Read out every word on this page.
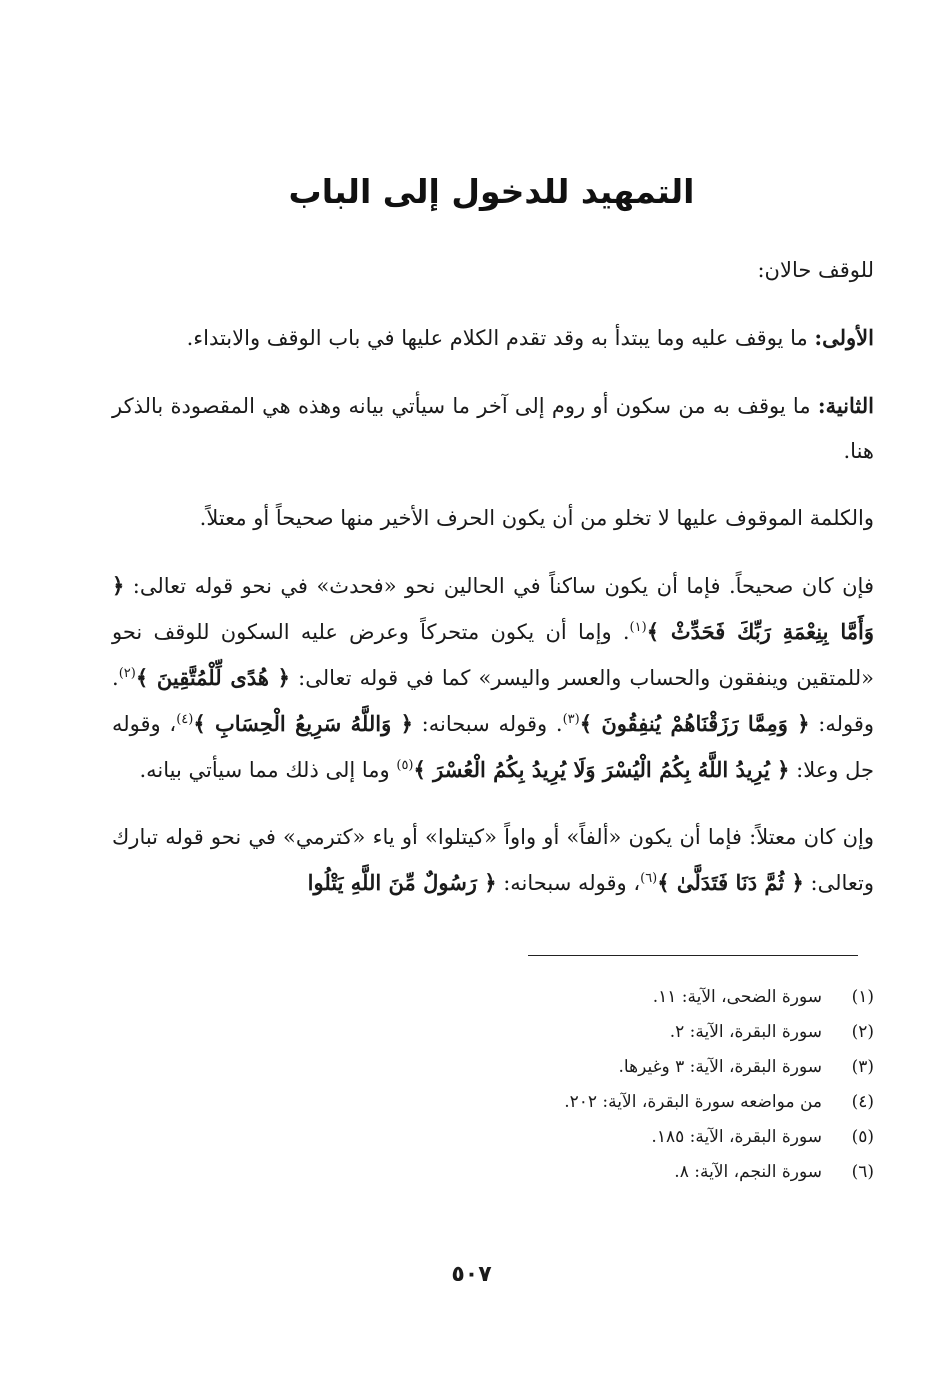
التمهيد للدخول إلى الباب

للوقف حالان:

الأولى: ما يوقف عليه وما يبتدأ به وقد تقدم الكلام عليها في باب الوقف والابتداء.

الثانية: ما يوقف به من سكون أو روم إلى آخر ما سيأتي بيانه وهذه هي المقصودة بالذكر هنا.

والكلمة الموقوف عليها لا تخلو من أن يكون الحرف الأخير منها صحيحاً أو معتلاً.

فإن كان صحيحاً. فإما أن يكون ساكناً في الحالين نحو «فحدث» في نحو قوله تعالى: ﴿ وَأَمَّا بِنِعْمَةِ رَبِّكَ فَحَدِّثْ ﴾$^{(١)}$. وإما أن يكون متحركاً وعرض عليه السكون للوقف نحو «للمتقين وينفقون والحساب والعسر واليسر» كما في قوله تعالى: ﴿ هُدًى لِّلْمُتَّقِينَ ﴾$^{(٢)}$. وقوله: ﴿ وَمِمَّا رَزَقْنَاهُمْ يُنفِقُونَ ﴾$^{(٣)}$. وقوله سبحانه: ﴿ وَاللَّهُ سَرِيعُ الْحِسَابِ ﴾$^{(٤)}$، وقوله جل وعلا: ﴿ يُرِيدُ اللَّهُ بِكُمُ الْيُسْرَ وَلَا يُرِيدُ بِكُمُ الْعُسْرَ ﴾$^{(٥)}$ وما إلى ذلك مما سيأتي بيانه.

وإن كان معتلاً: فإما أن يكون «ألفاً» أو واواً «كيتلوا» أو ياء «كترمي» في نحو قوله تبارك وتعالى: ﴿ ثُمَّ دَنَا فَتَدَلَّىٰ ﴾$^{(٦)}$، وقوله سبحانه: ﴿ رَسُولٌ مِّنَ اللَّهِ يَتْلُوا

(١)سورة الضحى، الآية: ١١.
(٢)سورة البقرة، الآية: ٢.
(٣)سورة البقرة، الآية: ٣ وغيرها.
(٤)من مواضعه سورة البقرة، الآية: ٢٠٢.
(٥)سورة البقرة، الآية: ١٨٥.
(٦)سورة النجم، الآية: ٨.
٥٠٧
